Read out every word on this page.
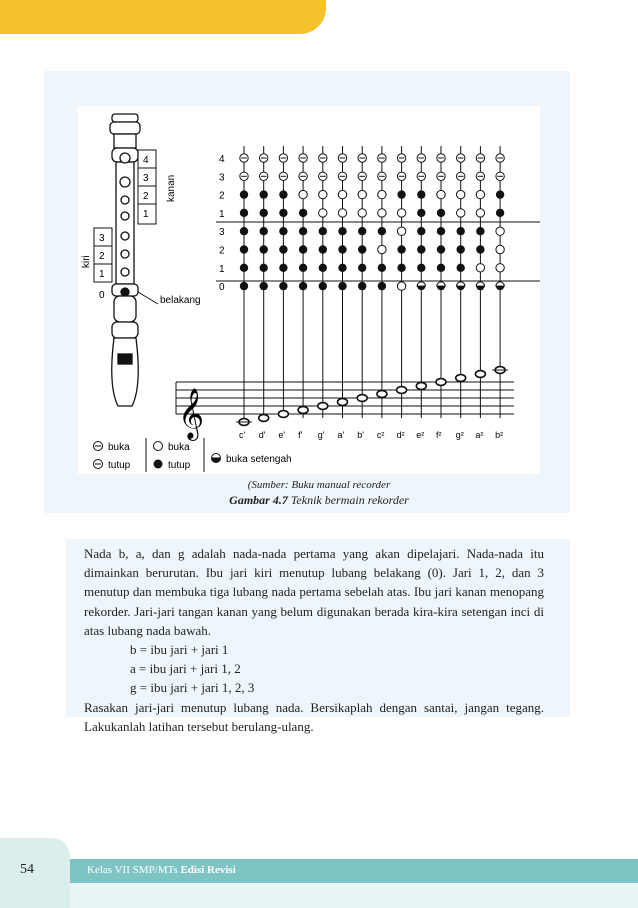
4
3
2
1
3
2
1
0
kanan
kiri
belakang
4
3
2
1
3
2
1
0
c' d' e' f' g' a' b' c² d² e² f² g² a² b²
𝄞
buka
tutup
buka
tutup
buka setengah
(Sumber: Buku manual recorder
Gambar 4.7 Teknik bermain rekorder

Nada b, a, dan g adalah nada-nada pertama yang akan dipelajari. Nada-nada itu dimainkan berurutan. Ibu jari kiri menutup lubang belakang (0). Jari 1, 2, dan 3 menutup dan membuka tiga lubang nada pertama sebelah atas. Ibu jari kanan menopang rekorder. Jari-jari tangan kanan yang belum digunakan berada kira-kira setengan inci di atas lubang nada bawah.

b = ibu jari + jari 1

a = ibu jari + jari 1, 2

g = ibu jari + jari 1, 2, 3

Rasakan jari-jari menutup lubang nada. Bersikaplah dengan santai, jangan tegang. Lakukanlah latihan tersebut berulang-ulang.

54	Kelas VII SMP/MTs Edisi Revisi
